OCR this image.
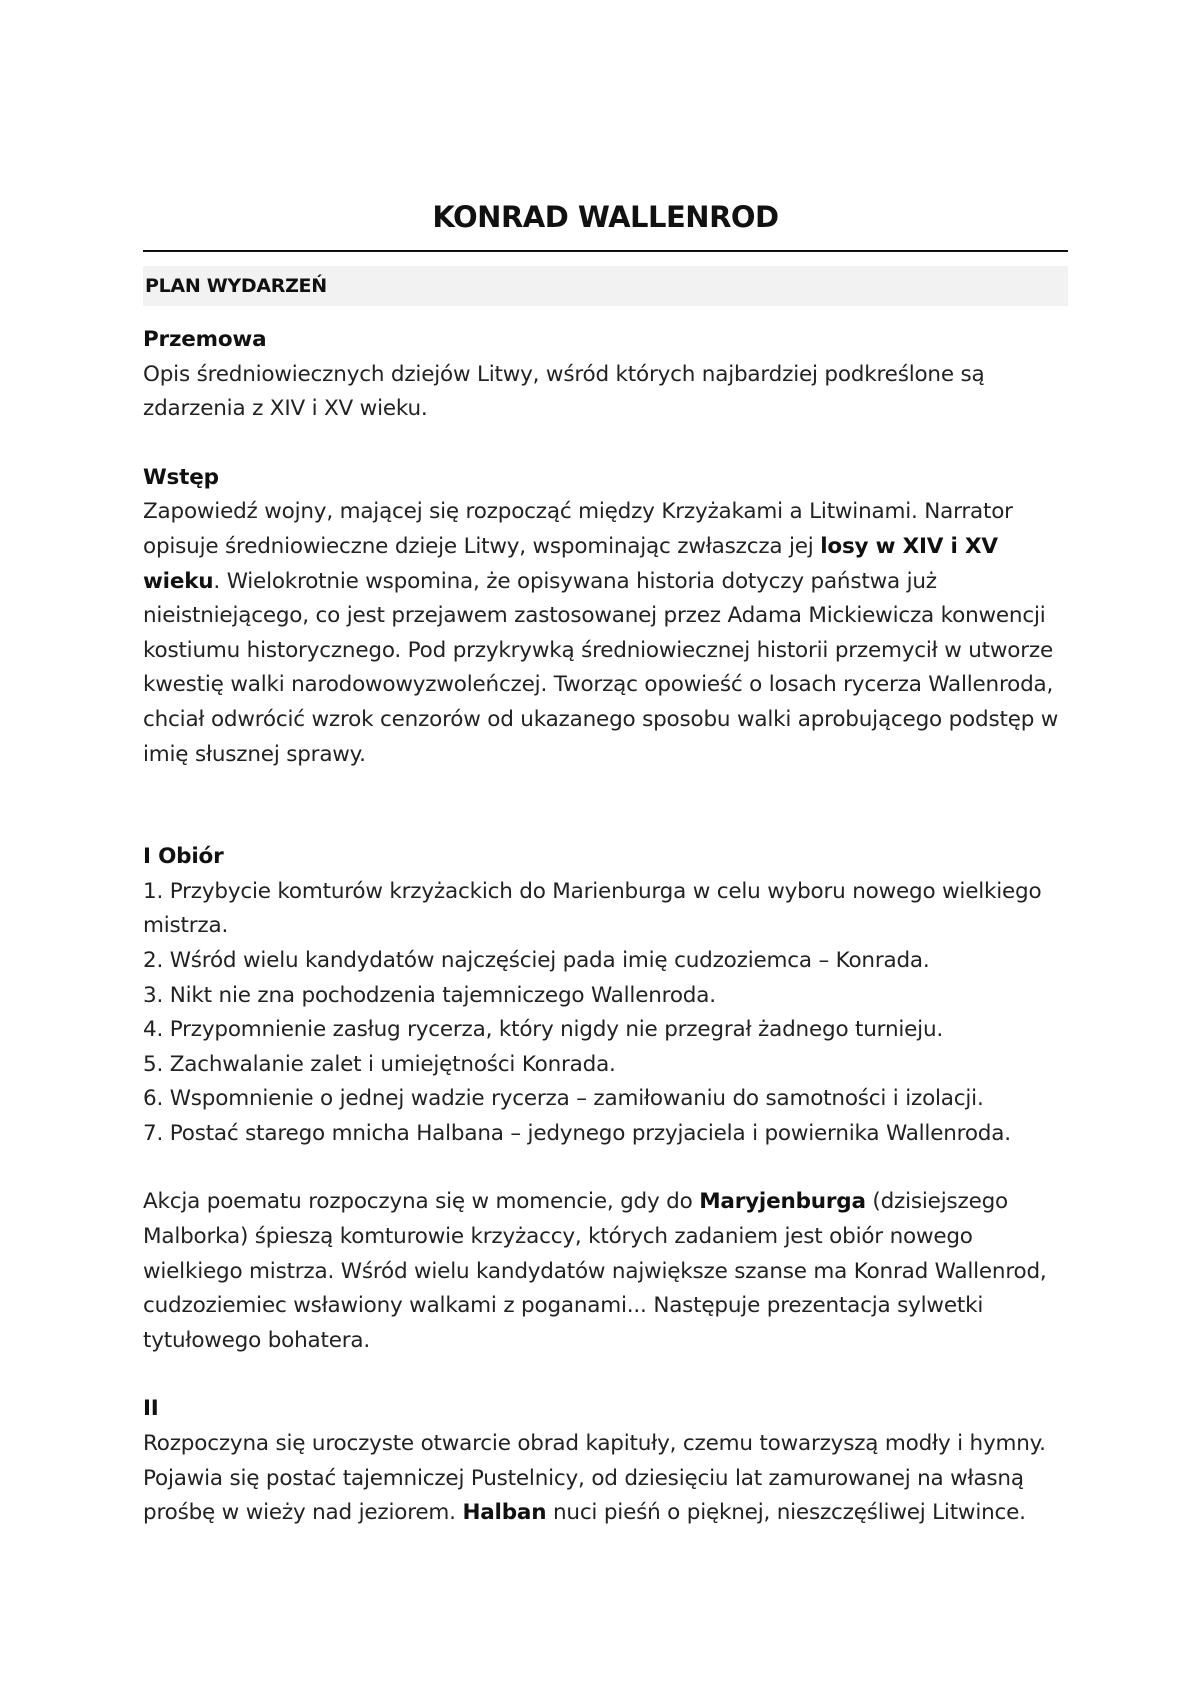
KONRAD WALLENROD
PLAN WYDARZEŃ

Przemowa

Opis średniowiecznych dziejów Litwy, wśród których najbardziej podkreślone są zdarzenia z XIV i XV wieku.

Wstęp

Zapowiedź wojny, mającej się rozpocząć między Krzyżakami a Litwinami. Narrator opisuje średniowieczne dzieje Litwy, wspominając zwłaszcza jej losy w XIV i XV wieku. Wielokrotnie wspomina, że opisywana historia dotyczy państwa już nieistniejącego, co jest przejawem zastosowanej przez Adama Mickiewicza konwencji kostiumu historycznego. Pod przykrywką średniowiecznej historii przemycił w utworze kwestię walki narodowowyzwoleńczej. Tworząc opowieść o losach rycerza Wallenroda, chciał odwrócić wzrok cenzorów od ukazanego sposobu walki aprobującego podstęp w imię słusznej sprawy.

I Obiór

1. Przybycie komturów krzyżackich do Marienburga w celu wyboru nowego wielkiego mistrza.

2. Wśród wielu kandydatów najczęściej pada imię cudzoziemca – Konrada.

3. Nikt nie zna pochodzenia tajemniczego Wallenroda.

4. Przypomnienie zasług rycerza, który nigdy nie przegrał żadnego turnieju.

5. Zachwalanie zalet i umiejętności Konrada.

6. Wspomnienie o jednej wadzie rycerza – zamiłowaniu do samotności i izolacji.

7. Postać starego mnicha Halbana – jedynego przyjaciela i powiernika Wallenroda.

Akcja poematu rozpoczyna się w momencie, gdy do Maryjenburga (dzisiejszego Malborka) śpieszą komturowie krzyżaccy, których zadaniem jest obiór nowego wielkiego mistrza. Wśród wielu kandydatów największe szanse ma Konrad Wallenrod, cudzoziemiec wsławiony walkami z poganami... Następuje prezentacja sylwetki tytułowego bohatera.

II

Rozpoczyna się uroczyste otwarcie obrad kapituły, czemu towarzyszą modły i hymny. Pojawia się postać tajemniczej Pustelnicy, od dziesięciu lat zamurowanej na własną prośbę w wieży nad jeziorem. Halban nuci pieśń o pięknej, nieszczęśliwej Litwince.
